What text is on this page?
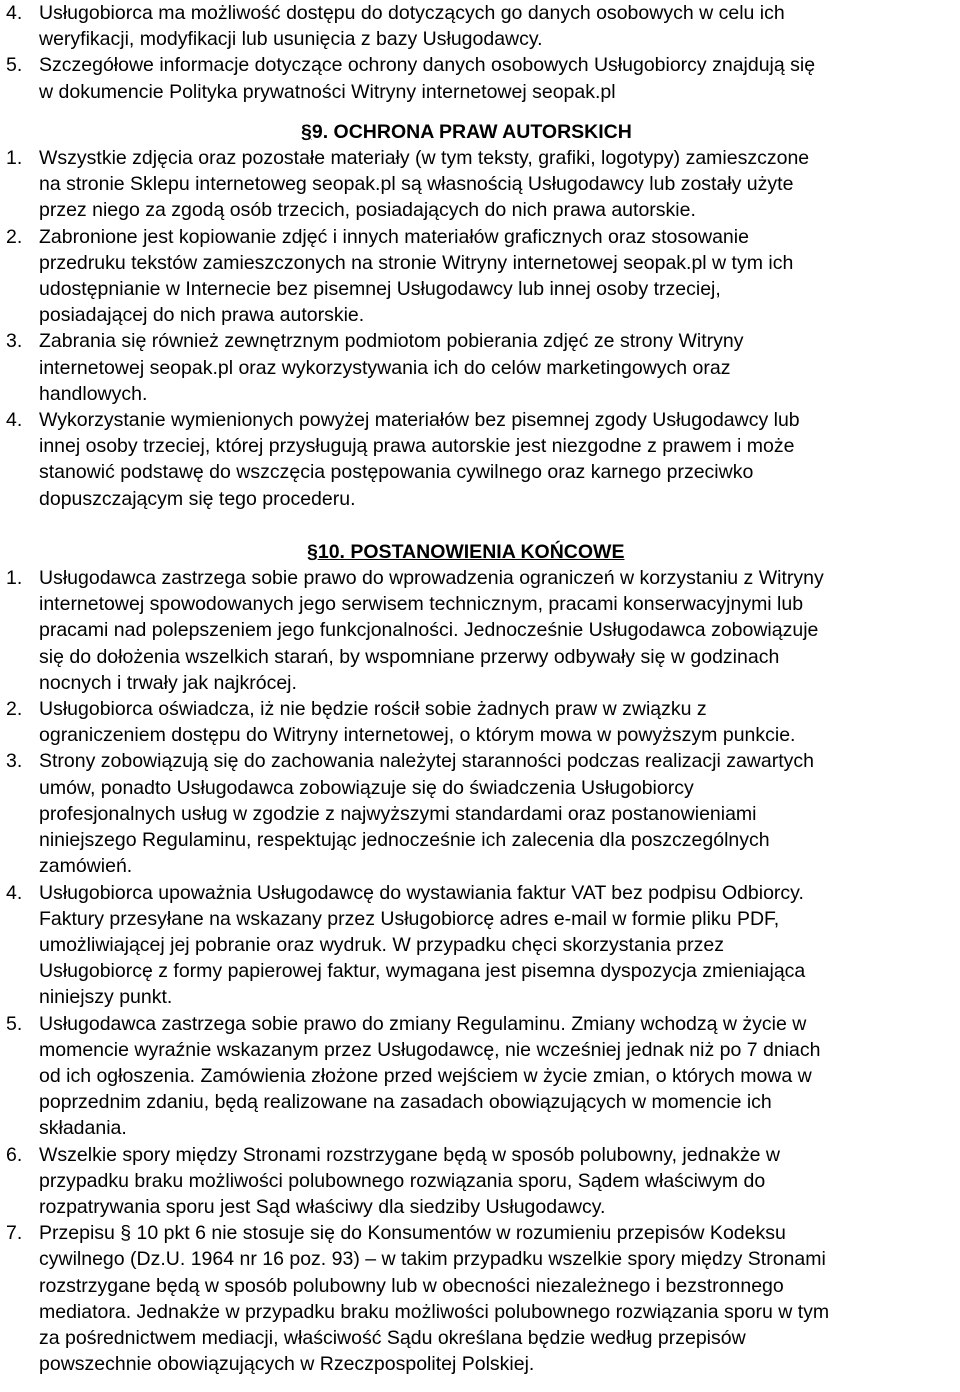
4. Usługobiorca ma możliwość dostępu do dotyczących go danych osobowych w celu ich
weryfikacji, modyfikacji lub usunięcia z bazy Usługodawcy.
5. Szczegółowe informacje dotyczące ochrony danych osobowych Usługobiorcy znajdują się
w dokumencie Polityka prywatności Witryny internetowej seopak.pl
§9. OCHRONA PRAW AUTORSKICH
1. Wszystkie zdjęcia oraz pozostałe materiały (w tym teksty, grafiki, logotypy) zamieszczone
na stronie Sklepu internetoweg seopak.pl są własnością Usługodawcy lub zostały użyte
przez niego za zgodą osób trzecich, posiadających do nich prawa autorskie.
2. Zabronione jest kopiowanie zdjęć i innych materiałów graficznych oraz stosowanie
przedruku tekstów zamieszczonych na stronie Witryny internetowej seopak.pl w tym ich
udostępnianie w Internecie bez pisemnej Usługodawcy lub innej osoby trzeciej,
posiadającej do nich prawa autorskie.
3. Zabrania się również zewnętrznym podmiotom pobierania zdjęć ze strony Witryny
internetowej seopak.pl oraz wykorzystywania ich do celów marketingowych oraz
handlowych.
4. Wykorzystanie wymienionych powyżej materiałów bez pisemnej zgody Usługodawcy lub
innej osoby trzeciej, której przysługują prawa autorskie jest niezgodne z prawem i może
stanowić podstawę do wszczęcia postępowania cywilnego oraz karnego przeciwko
dopuszczającym się tego procederu.
§10. POSTANOWIENIA KOŃCOWE
1. Usługodawca zastrzega sobie prawo do wprowadzenia ograniczeń w korzystaniu z Witryny
internetowej spowodowanych jego serwisem technicznym, pracami konserwacyjnymi lub
pracami nad polepszeniem jego funkcjonalności. Jednocześnie Usługodawca zobowiązuje
się do dołożenia wszelkich starań, by wspomniane przerwy odbywały się w godzinach
nocnych i trwały jak najkrócej.
2. Usługobiorca oświadcza, iż nie będzie rościł sobie żadnych praw w związku z
ograniczeniem dostępu do Witryny internetowej, o którym mowa w powyższym punkcie.
3. Strony zobowiązują się do zachowania należytej staranności podczas realizacji zawartych
umów, ponadto Usługodawca zobowiązuje się do świadczenia Usługobiorcy
profesjonalnych usług w zgodzie z najwyższymi standardami oraz postanowieniami
niniejszego Regulaminu, respektując jednocześnie ich zalecenia dla poszczególnych
zamówień.
4. Usługobiorca upoważnia Usługodawcę do wystawiania faktur VAT bez podpisu Odbiorcy.
Faktury przesyłane na wskazany przez Usługobiorcę adres e-mail w formie pliku PDF,
umożliwiającej jej pobranie oraz wydruk. W przypadku chęci skorzystania przez
Usługobiorcę z formy papierowej faktur, wymagana jest pisemna dyspozycja zmieniająca
niniejszy punkt.
5. Usługodawca zastrzega sobie prawo do zmiany Regulaminu. Zmiany wchodzą w życie w
momencie wyraźnie wskazanym przez Usługodawcę, nie wcześniej jednak niż po 7 dniach
od ich ogłoszenia. Zamówienia złożone przed wejściem w życie zmian, o których mowa w
poprzednim zdaniu, będą realizowane na zasadach obowiązujących w momencie ich
składania.
6. Wszelkie spory między Stronami rozstrzygane będą w sposób polubowny, jednakże w
przypadku braku możliwości polubownego rozwiązania sporu, Sądem właściwym do
rozpatrywania sporu jest Sąd właściwy dla siedziby Usługodawcy.
7. Przepisu § 10 pkt 6 nie stosuje się do Konsumentów w rozumieniu przepisów Kodeksu
cywilnego (Dz.U. 1964 nr 16 poz. 93) – w takim przypadku wszelkie spory między Stronami
rozstrzygane będą w sposób polubowny lub w obecności niezależnego i bezstronnego
mediatora. Jednakże w przypadku braku możliwości polubownego rozwiązania sporu w tym
za pośrednictwem mediacji, właściwość Sądu określana będzie według przepisów
powszechnie obowiązujących w Rzeczpospolitej Polskiej.
